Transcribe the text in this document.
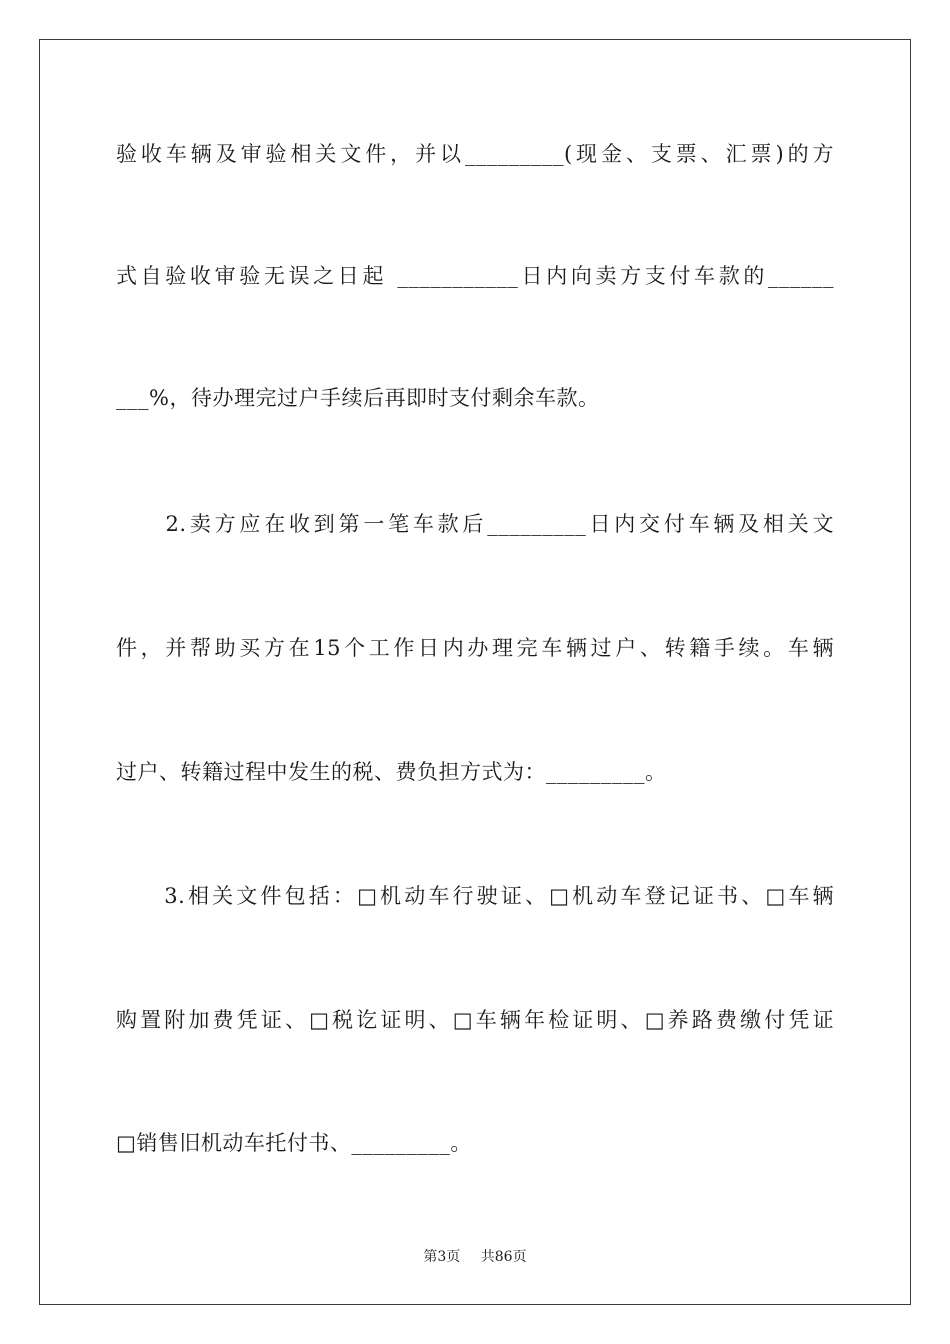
验收车辆及审验相关文件，并以_________(现金、支票、汇票)的方
式自验收审验无误之日起 ___________日内向卖方支付车款的______
___%，待办理完过户手续后再即时支付剩余车款。
　　2.卖方应在收到第一笔车款后_________日内交付车辆及相关文
件，并帮助买方在15个工作日内办理完车辆过户、转籍手续。车辆
过户、转籍过程中发生的税、费负担方式为：_________。
　　3.相关文件包括：□机动车行驶证、□机动车登记证书、□车辆
购置附加费凭证、□税讫证明、□车辆年检证明、□养路费缴付凭证
□销售旧机动车托付书、_________。
第3页 共86页
